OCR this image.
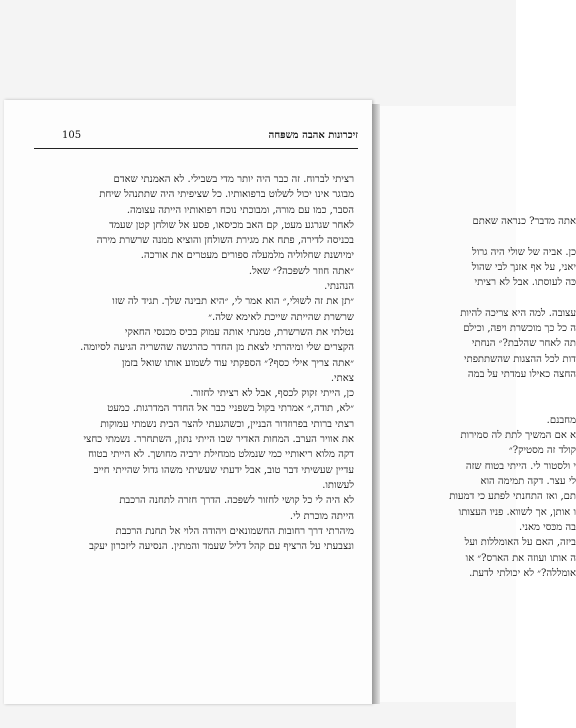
105	זיכרונות אהבה משפּחה
רציתי לברוח. זה כבר היה יותר מדי בשבילי. לא האמנתי שאדם
מבוגר אינו יכול לשלוט ברפואותיו. כל שציפיתי היה שתתנהל שיחת
הסבר, כמו עם מורה, ומבוכתי נוכח רפואותיו הייתה עצומה.
לאחר שגרגע מעט, קם האב מכיסאו, פסע אל שולחן קטן שעמד
בכניסה לדירה, פתח את מגירת השולחן והוציא ממנה שרשרת מירה
ימיושנת שחלוליה מלמעלה ספורים מעטרים את אורכה.
״אתה חוזר לשפּכה?״ שאל.
הנהנתי.
״תן את זה לשוּלי,״ הוא אמר לי, ״היא תבינה שלך. תגיד לה שזו
שרשרת שהייתה שייכת לאימא שלה.״
נטלתי את השרשרת, טמנתי אותה עמוק בכיס מכנסי החאקי
הקצרים שלי ומיהרתי לצאת מן החדר כהרגשה שהשריה הגיעה לסיומה.
״אתה צריך אילי כסף?״ הספקתי עוד לשמוע אותו שואל בזמן
צאתי.
כן, הייתי זקוק לכסף, אבל לא רציתי לחזור.
״לא, תודה,״ אמרתי בקול בשפניי כבר אל החדר המדרגות. כמעט
רצתי ברותי בפרוזדור הבניין, וכשהגעתי להצר הבית נשמתי עמוקות
את אוויר הערב. המחות האדיר שבו הייתי נתון, השתחרר. נשמתי כחצי
דקה מלוא ריאותיי כמי שנמלט ממחילת ירביה מחושך. לא הייתי בטוח
עדיין שעשיתי דבר טוב, אבל ידעתי שעשיתי משהו גדול שהייתי חייב
לעשותו.
לא היה לי כל קושי לחזור לשפּכה. הדרך חזרה לתחנה הרכבת
הייתה מוכרת לי.
מיהרתי דרך רחובות החשמונאים ויהודה הלוי אל תחנת הרכבת
ונצבעתי על הרציף עם קהל דליל שעמד והמתין. הנסיעה ליזכרון יעקב
אתה מדבר? כנראה שאתם
כן. אביה של שולי היה גרול
יאני, על אף אזנך לבי שהול
כּה לעוסתו. אבל לא רציתי
עצובה. למה היא צריכה להיות
ה כל כך מוכשרת ויפה, וכילם
תה לאחר שהלבת?״ הנחתי
דות לכל ההצגות שהשתתפתי
החצה כאילו עמדתי על במה
מחבנם.
א אם המשיך לתת לה סמירות
קולד זה מסטיק?״
י ולסטור לי. הייתי בטוח שזה
לי עצר. דקה תמימה הוא
תם, ואז התחנתי לפתע כי דמעות
ו אותן, אך לשווא. פניו העצותו
בה מכּסי מאני.
ביזה, האם על האומללות ועל
ה אותו ועוזה את הארס?״ או
אומללה?״ לא יכולתי לדעת.
